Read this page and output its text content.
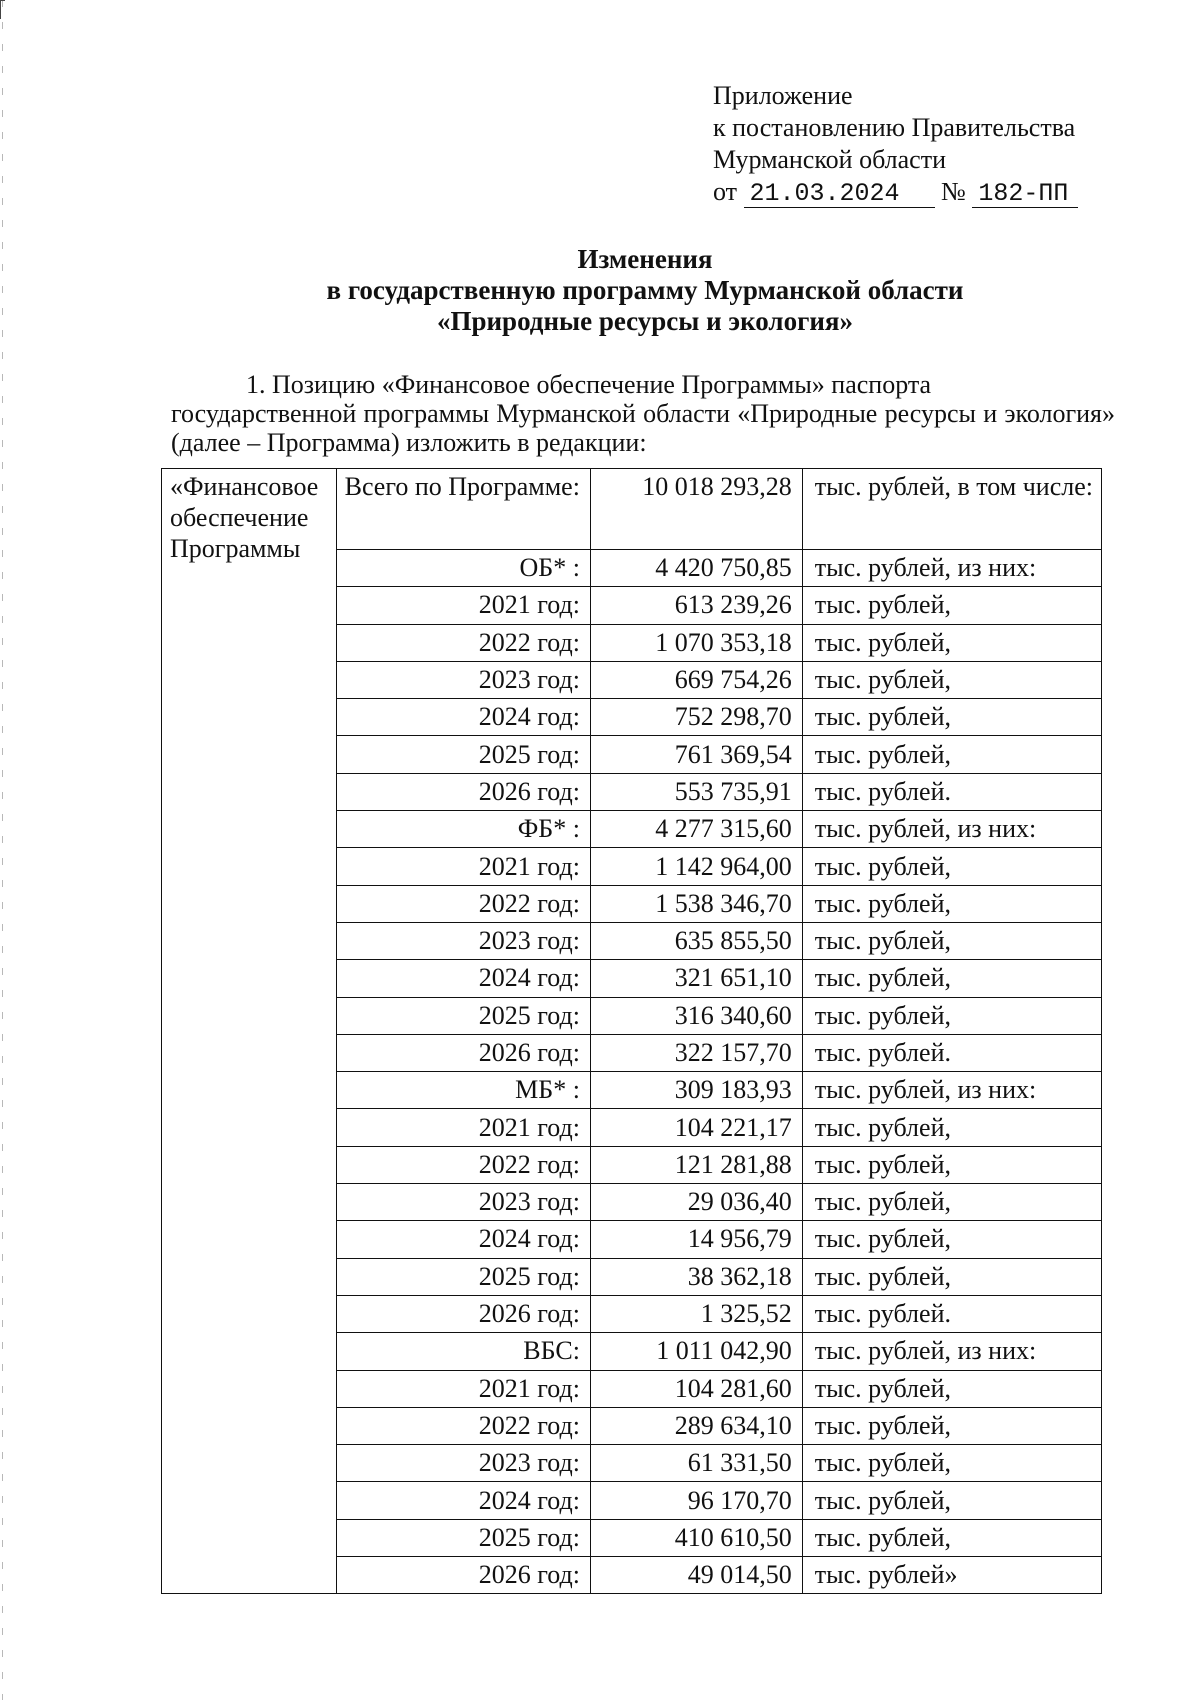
Приложение
к постановлению Правительства
Мурманской области
от 21.03.2024 № 182-ПП
Изменения
в государственную программу Мурманской области
«Природные ресурсы и экология»
1. Позицию «Финансовое обеспечение Программы» паспорта
государственной программы Мурманской области «Природные ресурсы и экология» (далее – Программа) изложить в редакции:
«Финансовое обеспечение Программы	Всего по Программе:	10 018 293,28	тыс. рублей, в том числе:
	ОБ* :	4 420 750,85	тыс. рублей, из них:
	2021 год:	613 239,26	тыс. рублей,
	2022 год:	1 070 353,18	тыс. рублей,
	2023 год:	669 754,26	тыс. рублей,
	2024 год:	752 298,70	тыс. рублей,
	2025 год:	761 369,54	тыс. рублей,
	2026 год:	553 735,91	тыс. рублей.
	ФБ* :	4 277 315,60	тыс. рублей, из них:
	2021 год:	1 142 964,00	тыс. рублей,
	2022 год:	1 538 346,70	тыс. рублей,
	2023 год:	635 855,50	тыс. рублей,
	2024 год:	321 651,10	тыс. рублей,
	2025 год:	316 340,60	тыс. рублей,
	2026 год:	322 157,70	тыс. рублей.
	МБ* :	309 183,93	тыс. рублей, из них:
	2021 год:	104 221,17	тыс. рублей,
	2022 год:	121 281,88	тыс. рублей,
	2023 год:	29 036,40	тыс. рублей,
	2024 год:	14 956,79	тыс. рублей,
	2025 год:	38 362,18	тыс. рублей,
	2026 год:	1 325,52	тыс. рублей.
	ВБС:	1 011 042,90	тыс. рублей, из них:
	2021 год:	104 281,60	тыс. рублей,
	2022 год:	289 634,10	тыс. рублей,
	2023 год:	61 331,50	тыс. рублей,
	2024 год:	96 170,70	тыс. рублей,
	2025 год:	410 610,50	тыс. рублей,
	2026 год:	49 014,50	тыс. рублей»
